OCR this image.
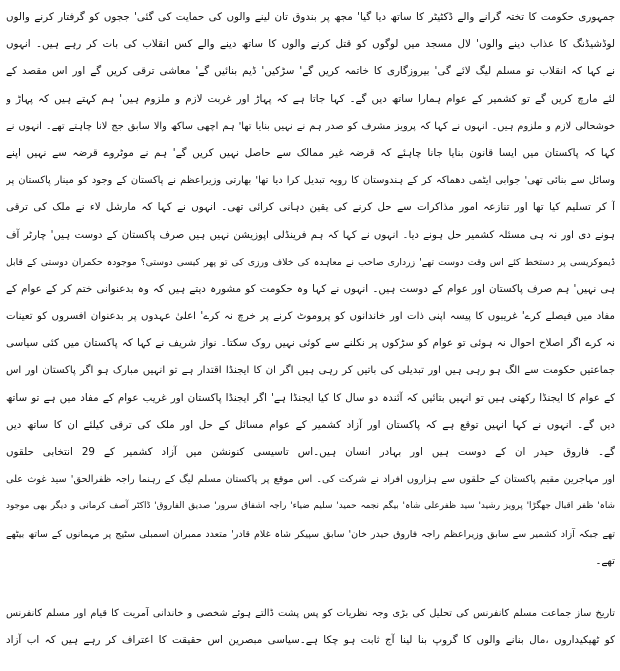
جمہوری حکومت کا تختہ گرانے والے ڈکٹیٹر کا ساتھ دیا گیا' مجھ پر بندوق تان لینے والوں کی حمایت کی گئی' ججوں کو گرفتار کرنے والوں
لوڈشیڈنگ کا عذاب دینے والوں' لال مسجد میں لوگوں کو قتل کرنے والوں کا ساتھ دینے والے کس انقلاب کی بات کر رہے ہیں۔ انہوں
نے کہا کہ انقلاب تو مسلم لیگ لائے گی' بیروزگاری کا خاتمہ کریں گے' سڑکیں' ڈیم بنائیں گے' معاشی ترقی کریں گے اور اس مقصد کے
لئے مارچ کریں گے تو کشمیر کے عوام ہمارا ساتھ دیں گے۔ کہا جاتا ہے کہ پہاڑ اور غربت لازم و ملزوم ہیں' ہم کہتے ہیں کہ پہاڑ و
خوشحالی لازم و ملزوم ہیں۔ انہوں نے کہا کہ پرویز مشرف کو صدر ہم نے نہیں بنایا تھا' ہم اچھی ساکھ والا سابق جج لانا چاہتے تھے۔ انہوں نے
کہا کہ پاکستان میں ایسا قانون بنایا جانا چاہئے کہ قرضہ غیر ممالک سے حاصل نہیں کریں گے' ہم نے موٹروے قرضہ سے نہیں اپنے
وسائل سے بنائی تھی' جوابی ایٹمی دھماکہ کر کے ہندوستان کا رویہ تبدیل کرا دیا تھا' بھارتی وزیراعظم نے پاکستان کے وجود کو مینار پاکستان پر
آ کر تسلیم کیا تھا اور تنازعہ امور مذاکرات سے حل کرنے کی یقین دہانی کرائی تھی۔ انہوں نے کہا کہ مارشل لاء نے ملک کی ترقی
ہونے دی اور نہ ہی مسئلہ کشمیر حل ہونے دیا۔ انہوں نے کہا کہ ہم فرینڈلی اپوزیشن نہیں ہیں صرف پاکستان کے دوست ہیں' چارٹر آف
ڈیموکریسی پر دستخط کئے اس وقت دوست تھے' زرداری صاحب نے معاہدہ کی خلاف ورزی کی تو پھر کیسی دوستی؟ موجودہ حکمران دوستی کے قابل
ہی نہیں' ہم صرف پاکستان اور عوام کے دوست ہیں۔ انہوں نے کہا وہ حکومت کو مشورہ دیتے ہیں کہ وہ بدعنوانی ختم کر کے عوام کے
مفاد میں فیصلے کرے' غریبوں کا پیسہ اپنی ذات اور خاندانوں کو پروموٹ کرنے پر خرچ نہ کرے' اعلیٰ عہدوں پر بدعنوان افسروں کو تعینات
نہ کرے اگر اصلاح احوال نہ ہوئی تو عوام کو سڑکوں پر نکلنے سے کوئی نہیں روک سکتا۔ نواز شریف نے کہا کہ پاکستان میں کئی سیاسی
جماعتیں حکومت سے الگ ہو رہی ہیں اور تبدیلی کی باتیں کر رہی ہیں اگر ان کا ایجنڈا اقتدار ہے تو انہیں مبارک ہو اگر پاکستان اور اس
کے عوام کا ایجنڈا رکھتی ہیں تو انہیں بتائیں کہ آئندہ دو سال کا کیا ایجنڈا ہے' اگر ایجنڈا پاکستان اور غریب عوام کے مفاد میں ہے تو ساتھ
دیں گے۔ انہوں نے کہا انہیں توقع ہے کہ پاکستان اور آزاد کشمیر کے عوام مسائل کے حل اور ملک کی ترقی کیلئے ان کا ساتھ دیں
گے۔ فاروق حیدر ان کے دوست ہیں اور بہادر انسان ہیں۔اس تاسیسی کنونشن میں آزاد کشمیر کے 29 انتخابی حلقوں
اور مہاجرین مقیم پاکستان کے حلقوں سے ہزاروں افراد نے شرکت کی۔ اس موقع پر پاکستان مسلم لیگ کے رہنما راجہ ظفرالحق' سید غوث علی
شاہ' ظفر اقبال جھگڑا' پرویز رشید' سید ظفرعلی شاہ' بیگم نجمہ حمید' سلیم ضیاء' راجہ اشفاق سرور' صدیق الفاروق' ڈاکٹر آصف کرمانی و دیگر بھی موجود
تھے جبکہ آزاد کشمیر سے سابق وزیراعظم راجہ فاروق حیدر خان' سابق سپیکر شاہ غلام قادر' متعدد ممبران اسمبلی سٹیج پر مہمانوں کے ساتھ بیٹھے
تھے۔
تاریخ ساز جماعت مسلم کانفرنس کی تحلیل کی بڑی وجہ نظریات کو پس پشت ڈالتے ہوئے شخصی و خاندانی آمریت کا قیام اور مسلم کانفرنس
کو ٹھیکیداروں ،مال بنانے والوں کا گروپ بنا لینا آج ثابت ہو چکا ہے۔سیاسی مبصرین اس حقیقت کا اعتراف کر رہے ہیں کہ اب آزاد
